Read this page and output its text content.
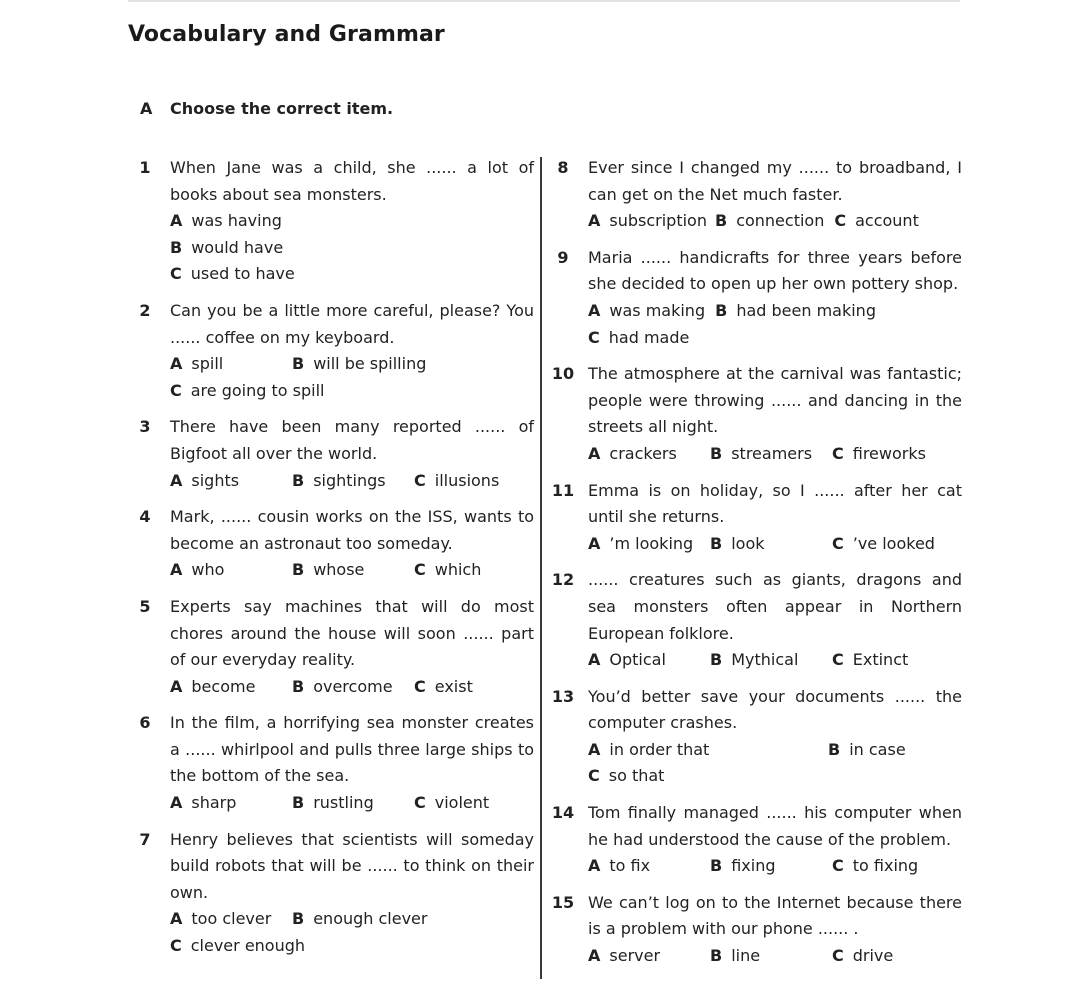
Vocabulary and Grammar
A Choose the correct item.
1	When Jane was a child, she ...... a lot of books about sea monsters.
A was having
B would have
C used to have
2	Can you be a little more careful, please? You ...... coffee on my keyboard.
A spill	B will be spilling
C are going to spill
3	There have been many reported ...... of Bigfoot all over the world.
A sights	B sightings C illusions
4	Mark, ...... cousin works on the ISS, wants to become an astronaut too someday.
A who	B whose	C which
5	Experts say machines that will do most chores around the house will soon ...... part of our everyday reality.
A become B overcome C exist
6	In the film, a horrifying sea monster creates a ...... whirlpool and pulls three large ships to the bottom of the sea.
A sharp	B rustling	C violent
7	Henry believes that scientists will someday build robots that will be ...... to think on their own.
A too clever B enough clever
C clever enough
8	Ever since I changed my ...... to broadband, I can get on the Net much faster.
A subscription B connection C account
9	Maria ...... handicrafts for three years before she decided to open up her own pottery shop.
A was making B had been making
C had made
10 The atmosphere at the carnival was fantastic; people were throwing ...... and dancing in the streets all night.
A crackers B streamers C fireworks
11 Emma is on holiday, so I ...... after her cat until she returns.
A ’m looking B look	C ’ve looked
12 ...... creatures such as giants, dragons and sea monsters often appear in Northern European folklore.
A Optical	B Mythical C Extinct
13 You’d better save your documents ...... the computer crashes.
A in order that	B in case
C so that
14 Tom finally managed ...... his computer when he had understood the cause of the problem.
A to fix	B fixing	C to fixing
15 We can’t log on to the Internet because there is a problem with our phone ...... .
A server	B line	C drive
